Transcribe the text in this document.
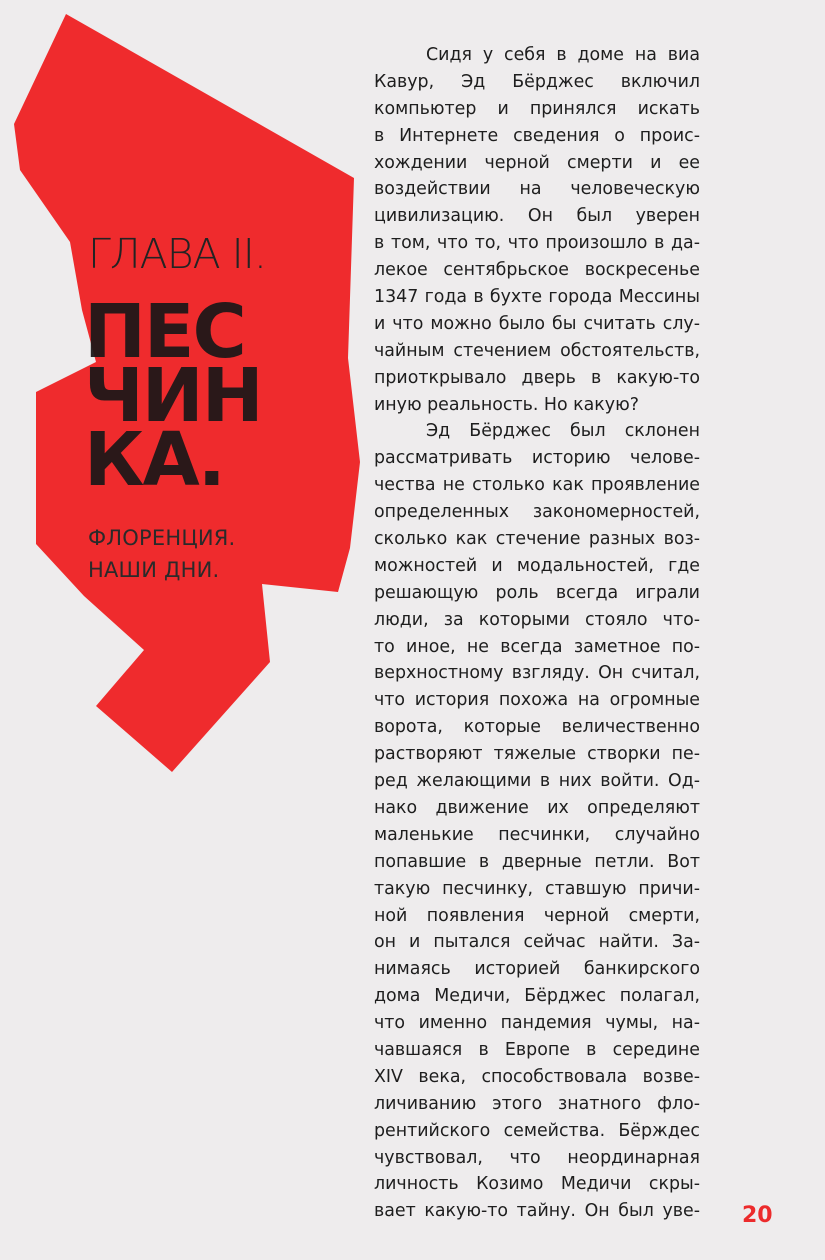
ГЛАВА II.
ПЕС
ЧИН
КА.
ФЛОРЕНЦИЯ.
НАШИ ДНИ.
Сидя у себя в доме на виа
Кавур, Эд Бёрджес включил
компьютер и принялся искать
в Интернете сведения о проис-
хождении черной смерти и ее
воздействии на человеческую
цивилизацию. Он был уверен
в том, что то, что произошло в да-
лекое сентябрьское воскресенье
1347 года в бухте города Мессины
и что можно было бы считать слу-
чайным стечением обстоятельств,
приоткрывало дверь в какую-то
иную реальность. Но какую?
Эд Бёрджес был склонен
рассматривать историю челове-
чества не столько как проявление
определенных закономерностей,
сколько как стечение разных воз-
можностей и модальностей, где
решающую роль всегда играли
люди, за которыми стояло что-
то иное, не всегда заметное по-
верхностному взгляду. Он считал,
что история похожа на огромные
ворота, которые величественно
растворяют тяжелые створки пе-
ред желающими в них войти. Од-
нако движение их определяют
маленькие песчинки, случайно
попавшие в дверные петли. Вот
такую песчинку, ставшую причи-
ной появления черной смерти,
он и пытался сейчас найти. За-
нимаясь историей банкирского
дома Медичи, Бёрджес полагал,
что именно пандемия чумы, на-
чавшаяся в Европе в середине
XIV века, способствовала возве-
личиванию этого знатного фло-
рентийского семейства. Бёрждес
чувствовал, что неординарная
личность Козимо Медичи скры-
вает какую-то тайну. Он был уве- 20
